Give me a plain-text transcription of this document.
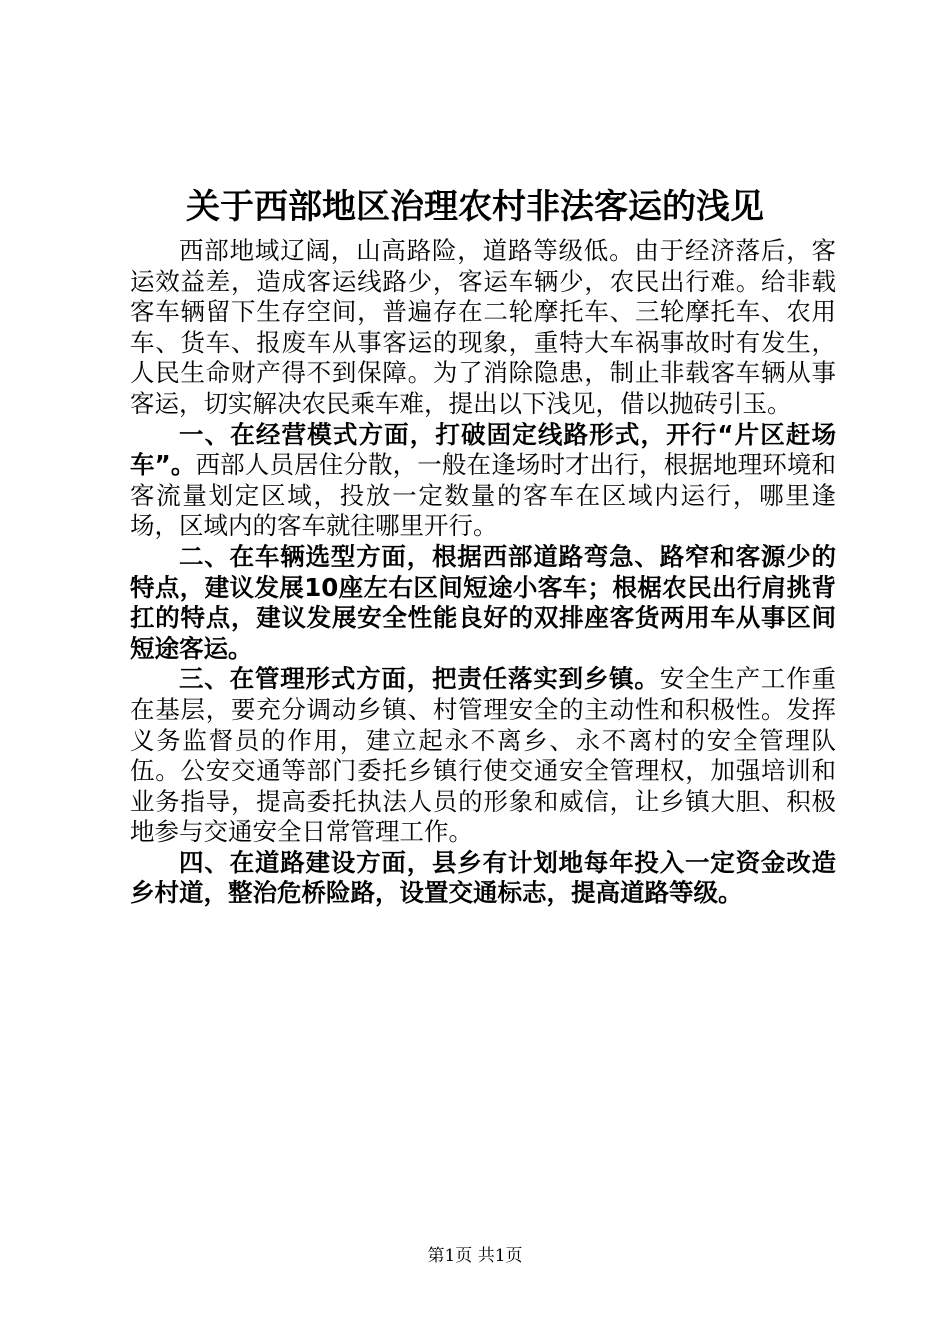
关于西部地区治理农村非法客运的浅见

西部地域辽阔，山高路险，道路等级低。由于经济落后，客运效益差，造成客运线路少，客运车辆少，农民出行难。给非载客车辆留下生存空间，普遍存在二轮摩托车、三轮摩托车、农用车、货车、报废车从事客运的现象，重特大车祸事故时有发生，人民生命财产得不到保障。为了消除隐患，制止非载客车辆从事客运，切实解决农民乘车难，提出以下浅见，借以抛砖引玉。

一、在经营模式方面，打破固定线路形式，开行“片区赶场车”。西部人员居住分散，一般在逢场时才出行，根据地理环境和客流量划定区域，投放一定数量的客车在区域内运行，哪里逢场，区域内的客车就往哪里开行。

二、在车辆选型方面，根据西部道路弯急、路窄和客源少的特点，建议发展10座左右区间短途小客车；根椐农民出行肩挑背扛的特点，建议发展安全性能良好的双排座客货两用车从事区间短途客运。

三、在管理形式方面，把责任落实到乡镇。安全生产工作重在基层，要充分调动乡镇、村管理安全的主动性和积极性。发挥义务监督员的作用，建立起永不离乡、永不离村的安全管理队伍。公安交通等部门委托乡镇行使交通安全管理权，加强培训和业务指导，提高委托执法人员的形象和威信，让乡镇大胆、积极地参与交通安全日常管理工作。

四、在道路建设方面，县乡有计划地每年投入一定资金改造乡村道，整治危桥险路，设置交通标志，提高道路等级。

第1页 共1页
